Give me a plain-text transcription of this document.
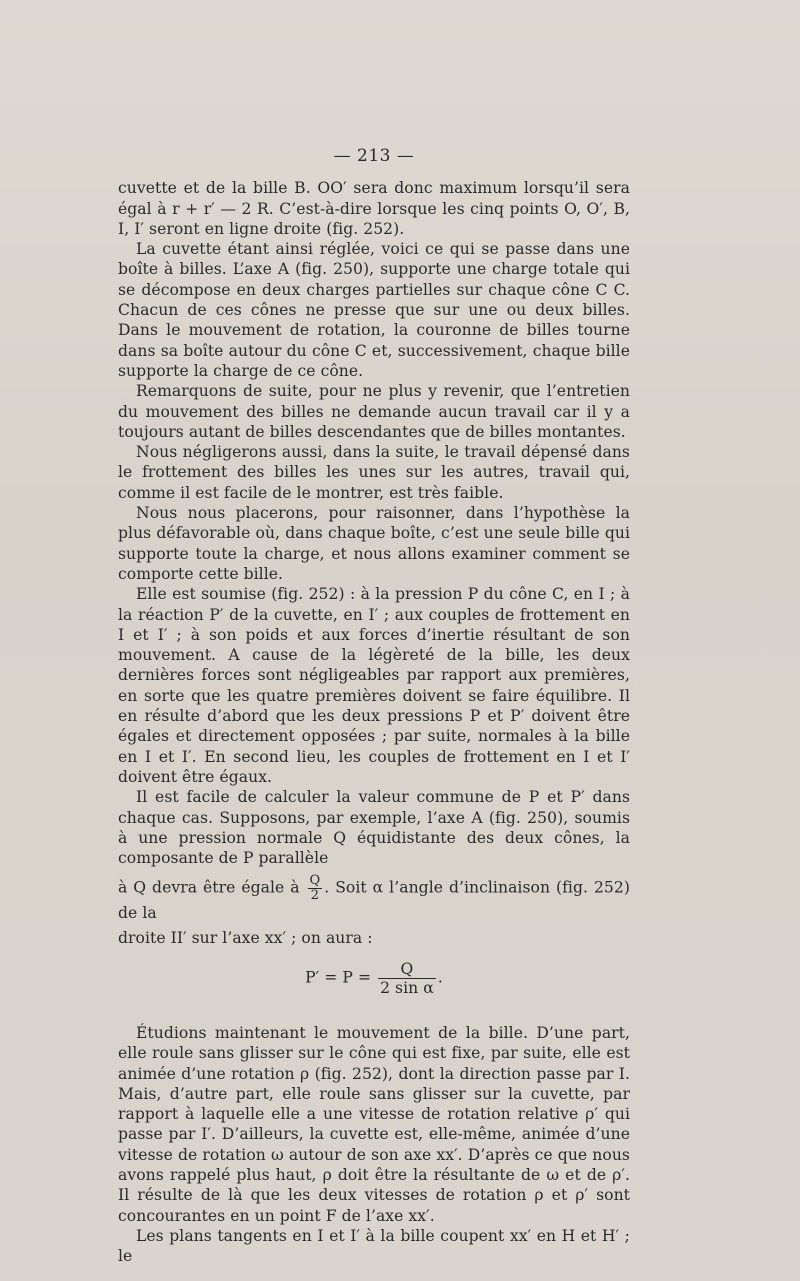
— 213 —

cuvette et de la bille B. OO′ sera donc maximum lorsqu’il sera égal à r + r′ — 2 R. C’est-à-dire lorsque les cinq points O, O′, B, I, I′ seront en ligne droite (fig. 252).

La cuvette étant ainsi réglée, voici ce qui se passe dans une boîte à billes. L’axe A (fig. 250), supporte une charge totale qui se décompose en deux charges partielles sur chaque cône C C. Chacun de ces cônes ne presse que sur une ou deux billes. Dans le mouvement de rotation, la couronne de billes tourne dans sa boîte autour du cône C et, successivement, chaque bille supporte la charge de ce cône.

Remarquons de suite, pour ne plus y revenir, que l’entretien du mouvement des billes ne demande aucun travail car il y a toujours autant de billes descendantes que de billes montantes.

Nous négligerons aussi, dans la suite, le travail dépensé dans le frottement des billes les unes sur les autres, travail qui, comme il est facile de le montrer, est très faible.

Nous nous placerons, pour raisonner, dans l’hypothèse la plus défavorable où, dans chaque boîte, c’est une seule bille qui supporte toute la charge, et nous allons examiner comment se comporte cette bille.

Elle est soumise (fig. 252) : à la pression P du cône C, en I ; à la réaction P′ de la cuvette, en I′ ; aux couples de frottement en I et I′ ; à son poids et aux forces d’inertie résultant de son mouvement. A cause de la légèreté de la bille, les deux dernières forces sont négligeables par rapport aux premières, en sorte que les quatre premières doivent se faire équilibre. Il en résulte d’abord que les deux pressions P et P′ doivent être égales et directement opposées ; par suite, normales à la bille en I et I′. En second lieu, les couples de frottement en I et I′ doivent être égaux.

Il est facile de calculer la valeur commune de P et P′ dans chaque cas. Supposons, par exemple, l’axe A (fig. 250), soumis à une pression normale Q équidistante des deux cônes, la composante de P parallèle

à Q devra être égale à $\frac{Q}{2}$ . Soit α l’angle d’inclinaison (fig. 252) de la

droite II′ sur l’axe xx′ ; on aura :

$P' = P = \frac{Q}{\text{2 sin α}}$ .

Étudions maintenant le mouvement de la bille. D’une part, elle roule sans glisser sur le cône qui est fixe, par suite, elle est animée d’une rotation ρ (fig. 252), dont la direction passe par I. Mais, d’autre part, elle roule sans glisser sur la cuvette, par rapport à laquelle elle a une vitesse de rotation relative ρ′ qui passe par I′. D’ailleurs, la cuvette est, elle-même, animée d’une vitesse de rotation ω autour de son axe xx′. D’après ce que nous avons rappelé plus haut, ρ doit être la résultante de ω et de ρ′. Il résulte de là que les deux vitesses de rotation ρ et ρ′ sont concourantes en un point F de l’axe xx′.

Les plans tangents en I et I′ à la bille coupent xx′ en H et H′ ; le
